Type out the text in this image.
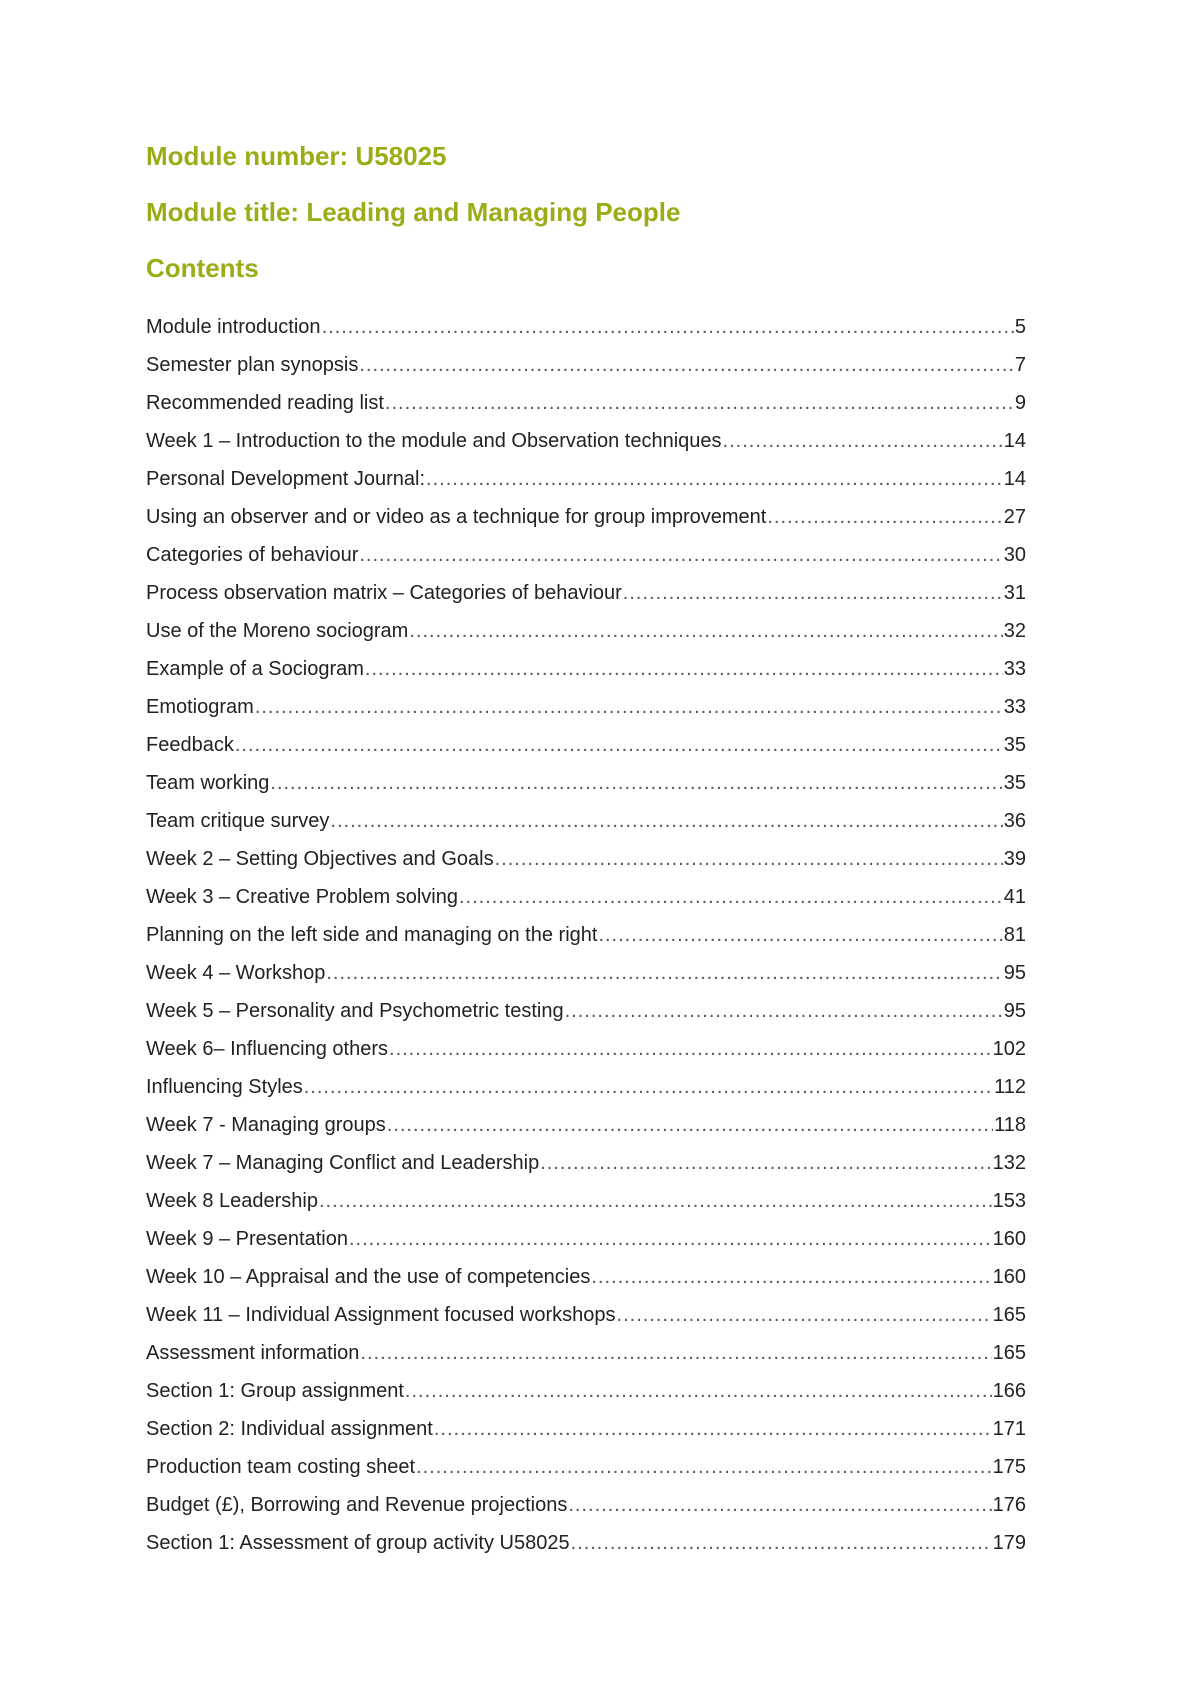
Module number: U58025
Module title: Leading and Managing People
Contents
Module introduction .....	5
Semester plan synopsis .....	7
Recommended reading list .....	9
Week 1 – Introduction to the module and Observation techniques .....	14
Personal Development Journal: .....	14
Using an observer and or video as a technique for group improvement .....	27
Categories of behaviour .....	30
Process observation matrix – Categories of behaviour .....	31
Use of the Moreno sociogram .....	32
Example of a Sociogram .....	33
Emotiogram .....	33
Feedback .....	35
Team working .....	35
Team critique survey .....	36
Week 2 – Setting Objectives and Goals .....	39
Week 3 – Creative Problem solving .....	41
Planning on the left side and managing on the right .....	81
Week 4 – Workshop .....	95
Week 5 – Personality and Psychometric testing .....	95
Week 6– Influencing others .....	102
Influencing Styles .....	112
Week 7 - Managing groups .....	118
Week 7 – Managing Conflict and Leadership .....	132
Week 8 Leadership .....	153
Week 9 – Presentation .....	160
Week 10 – Appraisal and the use of competencies .....	160
Week 11 – Individual Assignment focused workshops .....	165
Assessment information .....	165
Section 1: Group assignment .....	166
Section 2: Individual assignment .....	171
Production team costing sheet .....	175
Budget (£), Borrowing and Revenue projections .....	176
Section 1: Assessment of group activity U58025 .....	179
